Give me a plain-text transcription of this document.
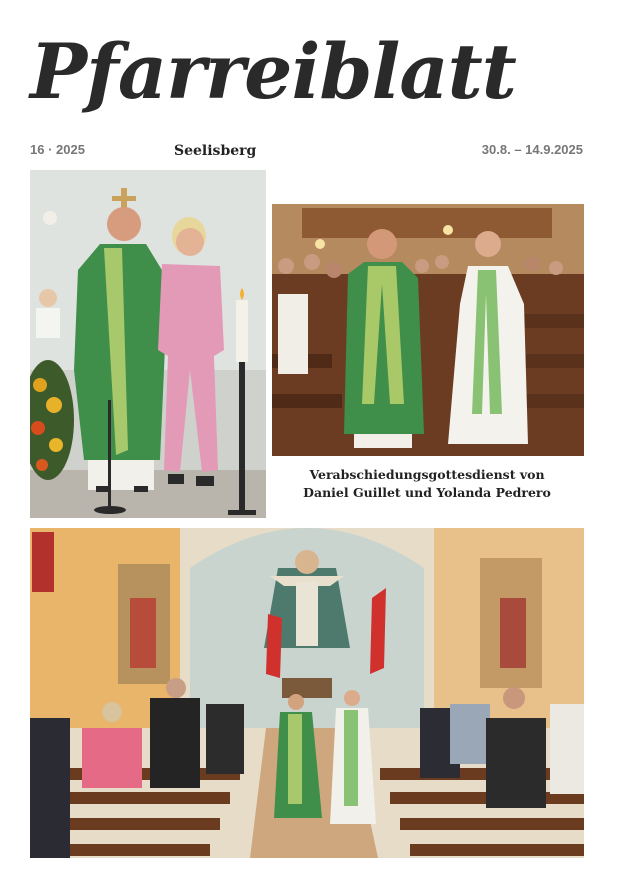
Pfarreiblatt
16 · 2025	Seelisberg	30.8. – 14.9.2025
Verabschiedungsgottesdienst von
Daniel Guillet und Yolanda Pedrero
